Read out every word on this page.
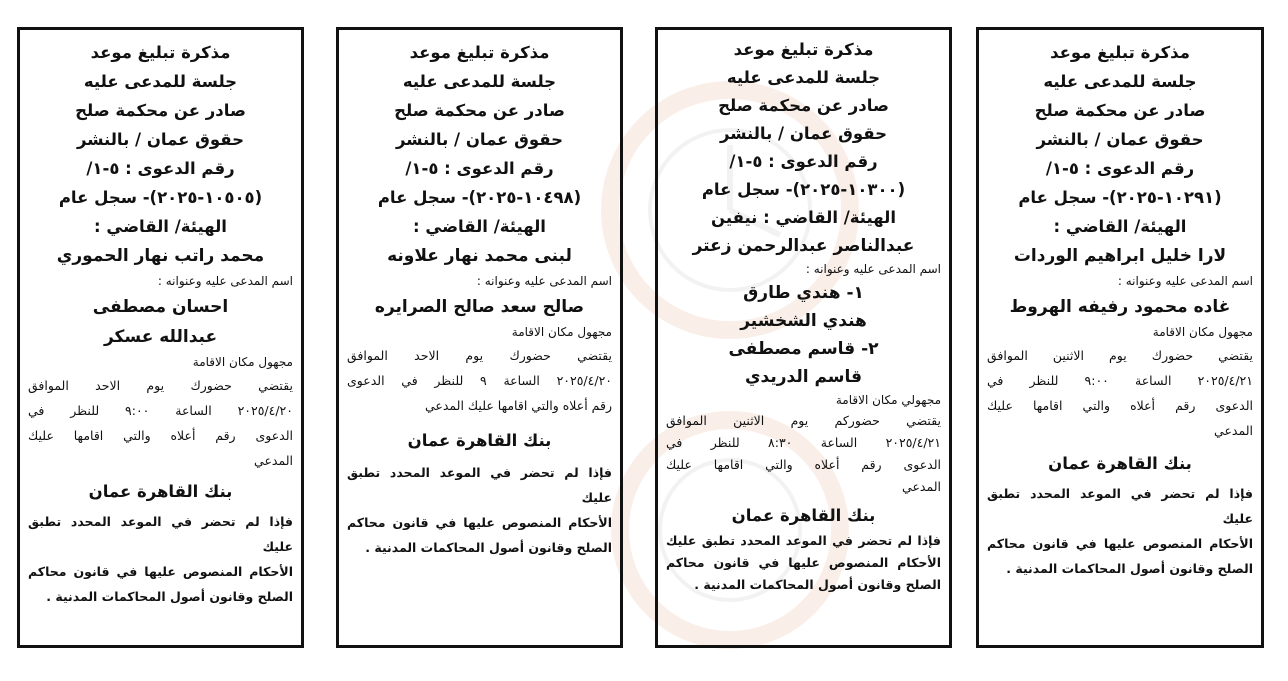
مذكرة تبليغ موعد

جلسة للمدعى عليه

صادر عن محكمة صلح

حقوق عمان / بالنشر

رقم الدعوى : ٥-١/

(١٠٢٩١-٢٠٢٥)- سجل عام

الهيئة/ القاضي :

لارا خليل ابراهيم الوردات

اسم المدعى عليه وعنوانه :

غاده محمود رفيفه الهروط

مجهول مكان الاقامة

يقتضي حضورك يوم الاثنين الموافق

٢٠٢٥/٤/٢١ الساعة ٩:٠٠ للنظر في

الدعوى رقم أعلاه والتي اقامها عليك

المدعي

بنك القاهرة عمان

فإذا لم تحضر في الموعد المحدد تطبق عليك

الأحكام المنصوص عليها في قانون محاكم

الصلح وقانون أصول المحاكمات المدنية .

مذكرة تبليغ موعد

جلسة للمدعى عليه

صادر عن محكمة صلح

حقوق عمان / بالنشر

رقم الدعوى : ٥-١/

(١٠٣٠٠-٢٠٢٥)- سجل عام

الهيئة/ القاضي : نيفين

عبدالناصر عبدالرحمن زعتر

اسم المدعى عليه وعنوانه :

١- هندي طارق

هندي الشخشير

٢- قاسم مصطفى

قاسم الدريدي

مجهولي مكان الاقامة

يقتضي حضوركم يوم الاثنين الموافق

٢٠٢٥/٤/٢١ الساعة ٨:٣٠ للنظر في

الدعوى رقم أعلاه والتي اقامها عليك

المدعي

بنك القاهرة عمان

فإذا لم تحضر في الموعد المحدد تطبق عليك

الأحكام المنصوص عليها في قانون محاكم

الصلح وقانون أصول المحاكمات المدنية .

مذكرة تبليغ موعد

جلسة للمدعى عليه

صادر عن محكمة صلح

حقوق عمان / بالنشر

رقم الدعوى : ٥-١/

(١٠٤٩٨-٢٠٢٥)- سجل عام

الهيئة/ القاضي :

لبنى محمد نهار علاونه

اسم المدعى عليه وعنوانه :

صالح سعد صالح الصرايره

مجهول مكان الاقامة

يقتضي حضورك يوم الاحد الموافق

٢٠٢٥/٤/٢٠ الساعة ٩ للنظر في الدعوى

رقم أعلاه والتي اقامها عليك المدعي

بنك القاهرة عمان

فإذا لم تحضر في الموعد المحدد تطبق عليك

الأحكام المنصوص عليها في قانون محاكم

الصلح وقانون أصول المحاكمات المدنية .

مذكرة تبليغ موعد

جلسة للمدعى عليه

صادر عن محكمة صلح

حقوق عمان / بالنشر

رقم الدعوى : ٥-١/

(١٠٥٠٥-٢٠٢٥)- سجل عام

الهيئة/ القاضي :

محمد راتب نهار الحموري

اسم المدعى عليه وعنوانه :

احسان مصطفى

عبدالله عسكر

مجهول مكان الاقامة

يقتضي حضورك يوم الاحد الموافق

٢٠٢٥/٤/٢٠ الساعة ٩:٠٠ للنظر في

الدعوى رقم أعلاه والتي اقامها عليك

المدعي

بنك القاهرة عمان

فإذا لم تحضر في الموعد المحدد تطبق عليك

الأحكام المنصوص عليها في قانون محاكم

الصلح وقانون أصول المحاكمات المدنية .
